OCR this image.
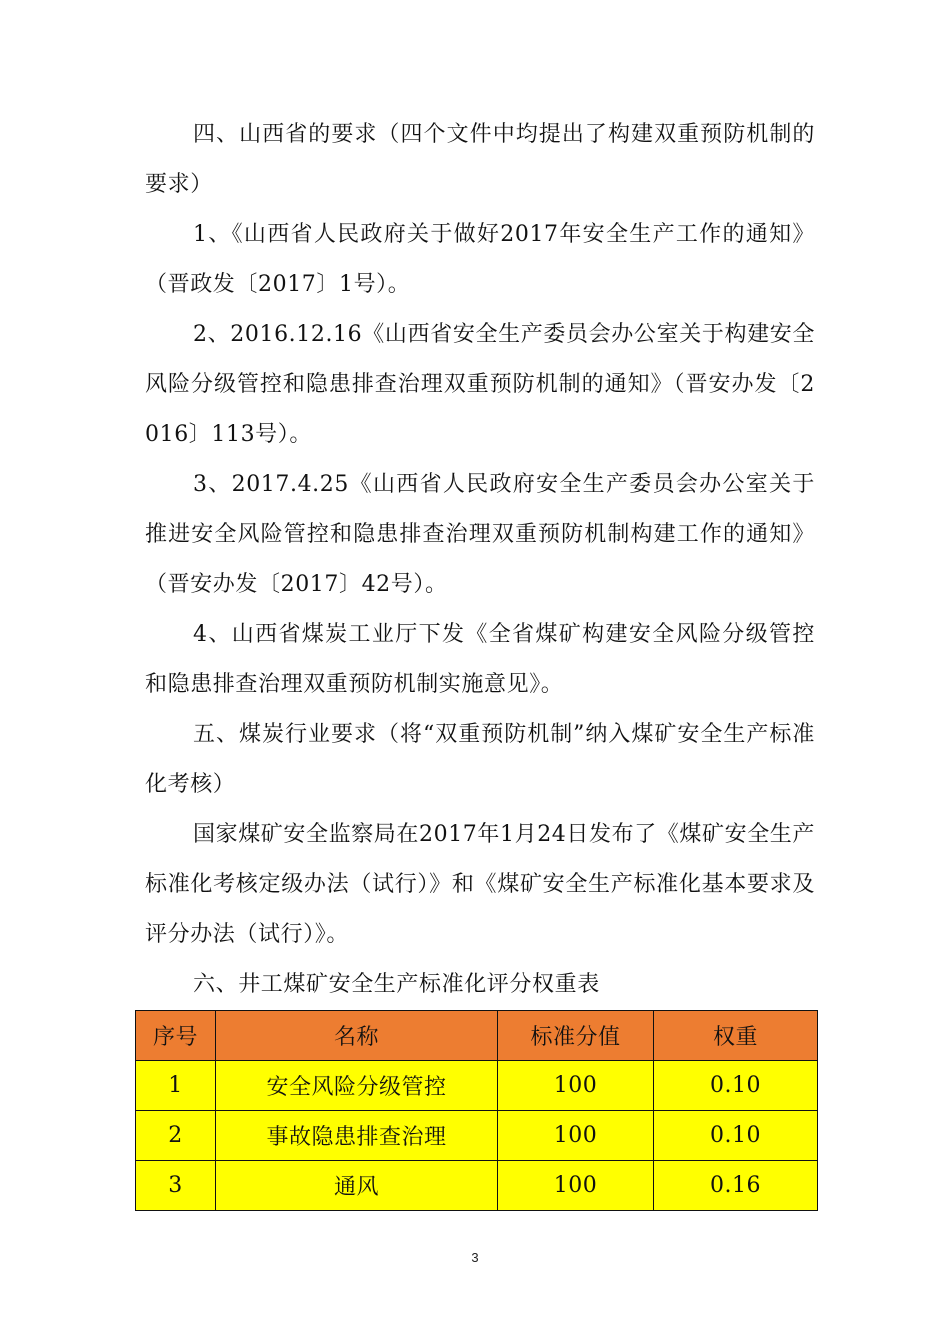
四、山西省的要求（四个文件中均提出了构建双重预防机制的要求）

1、《山西省人民政府关于做好2017年安全生产工作的通知》（晋政发〔2017〕1号）。

2、2016.12.16《山西省安全生产委员会办公室关于构建安全风险分级管控和隐患排查治理双重预防机制的通知》（晋安办发〔2016〕113号）。

3、2017.4.25《山西省人民政府安全生产委员会办公室关于推进安全风险管控和隐患排查治理双重预防机制构建工作的通知》（晋安办发〔2017〕42号）。

4、山西省煤炭工业厅下发《全省煤矿构建安全风险分级管控和隐患排查治理双重预防机制实施意见》。

五、煤炭行业要求（将“双重预防机制”纳入煤矿安全生产标准化考核）

国家煤矿安全监察局在2017年1月24日发布了《煤矿安全生产标准化考核定级办法（试行）》和《煤矿安全生产标准化基本要求及评分办法（试行）》。

六、井工煤矿安全生产标准化评分权重表

序号	名称	标准分值	权重
1	安全风险分级管控	100	0.10
2	事故隐患排查治理	100	0.10
3	通风	100	0.16
3
